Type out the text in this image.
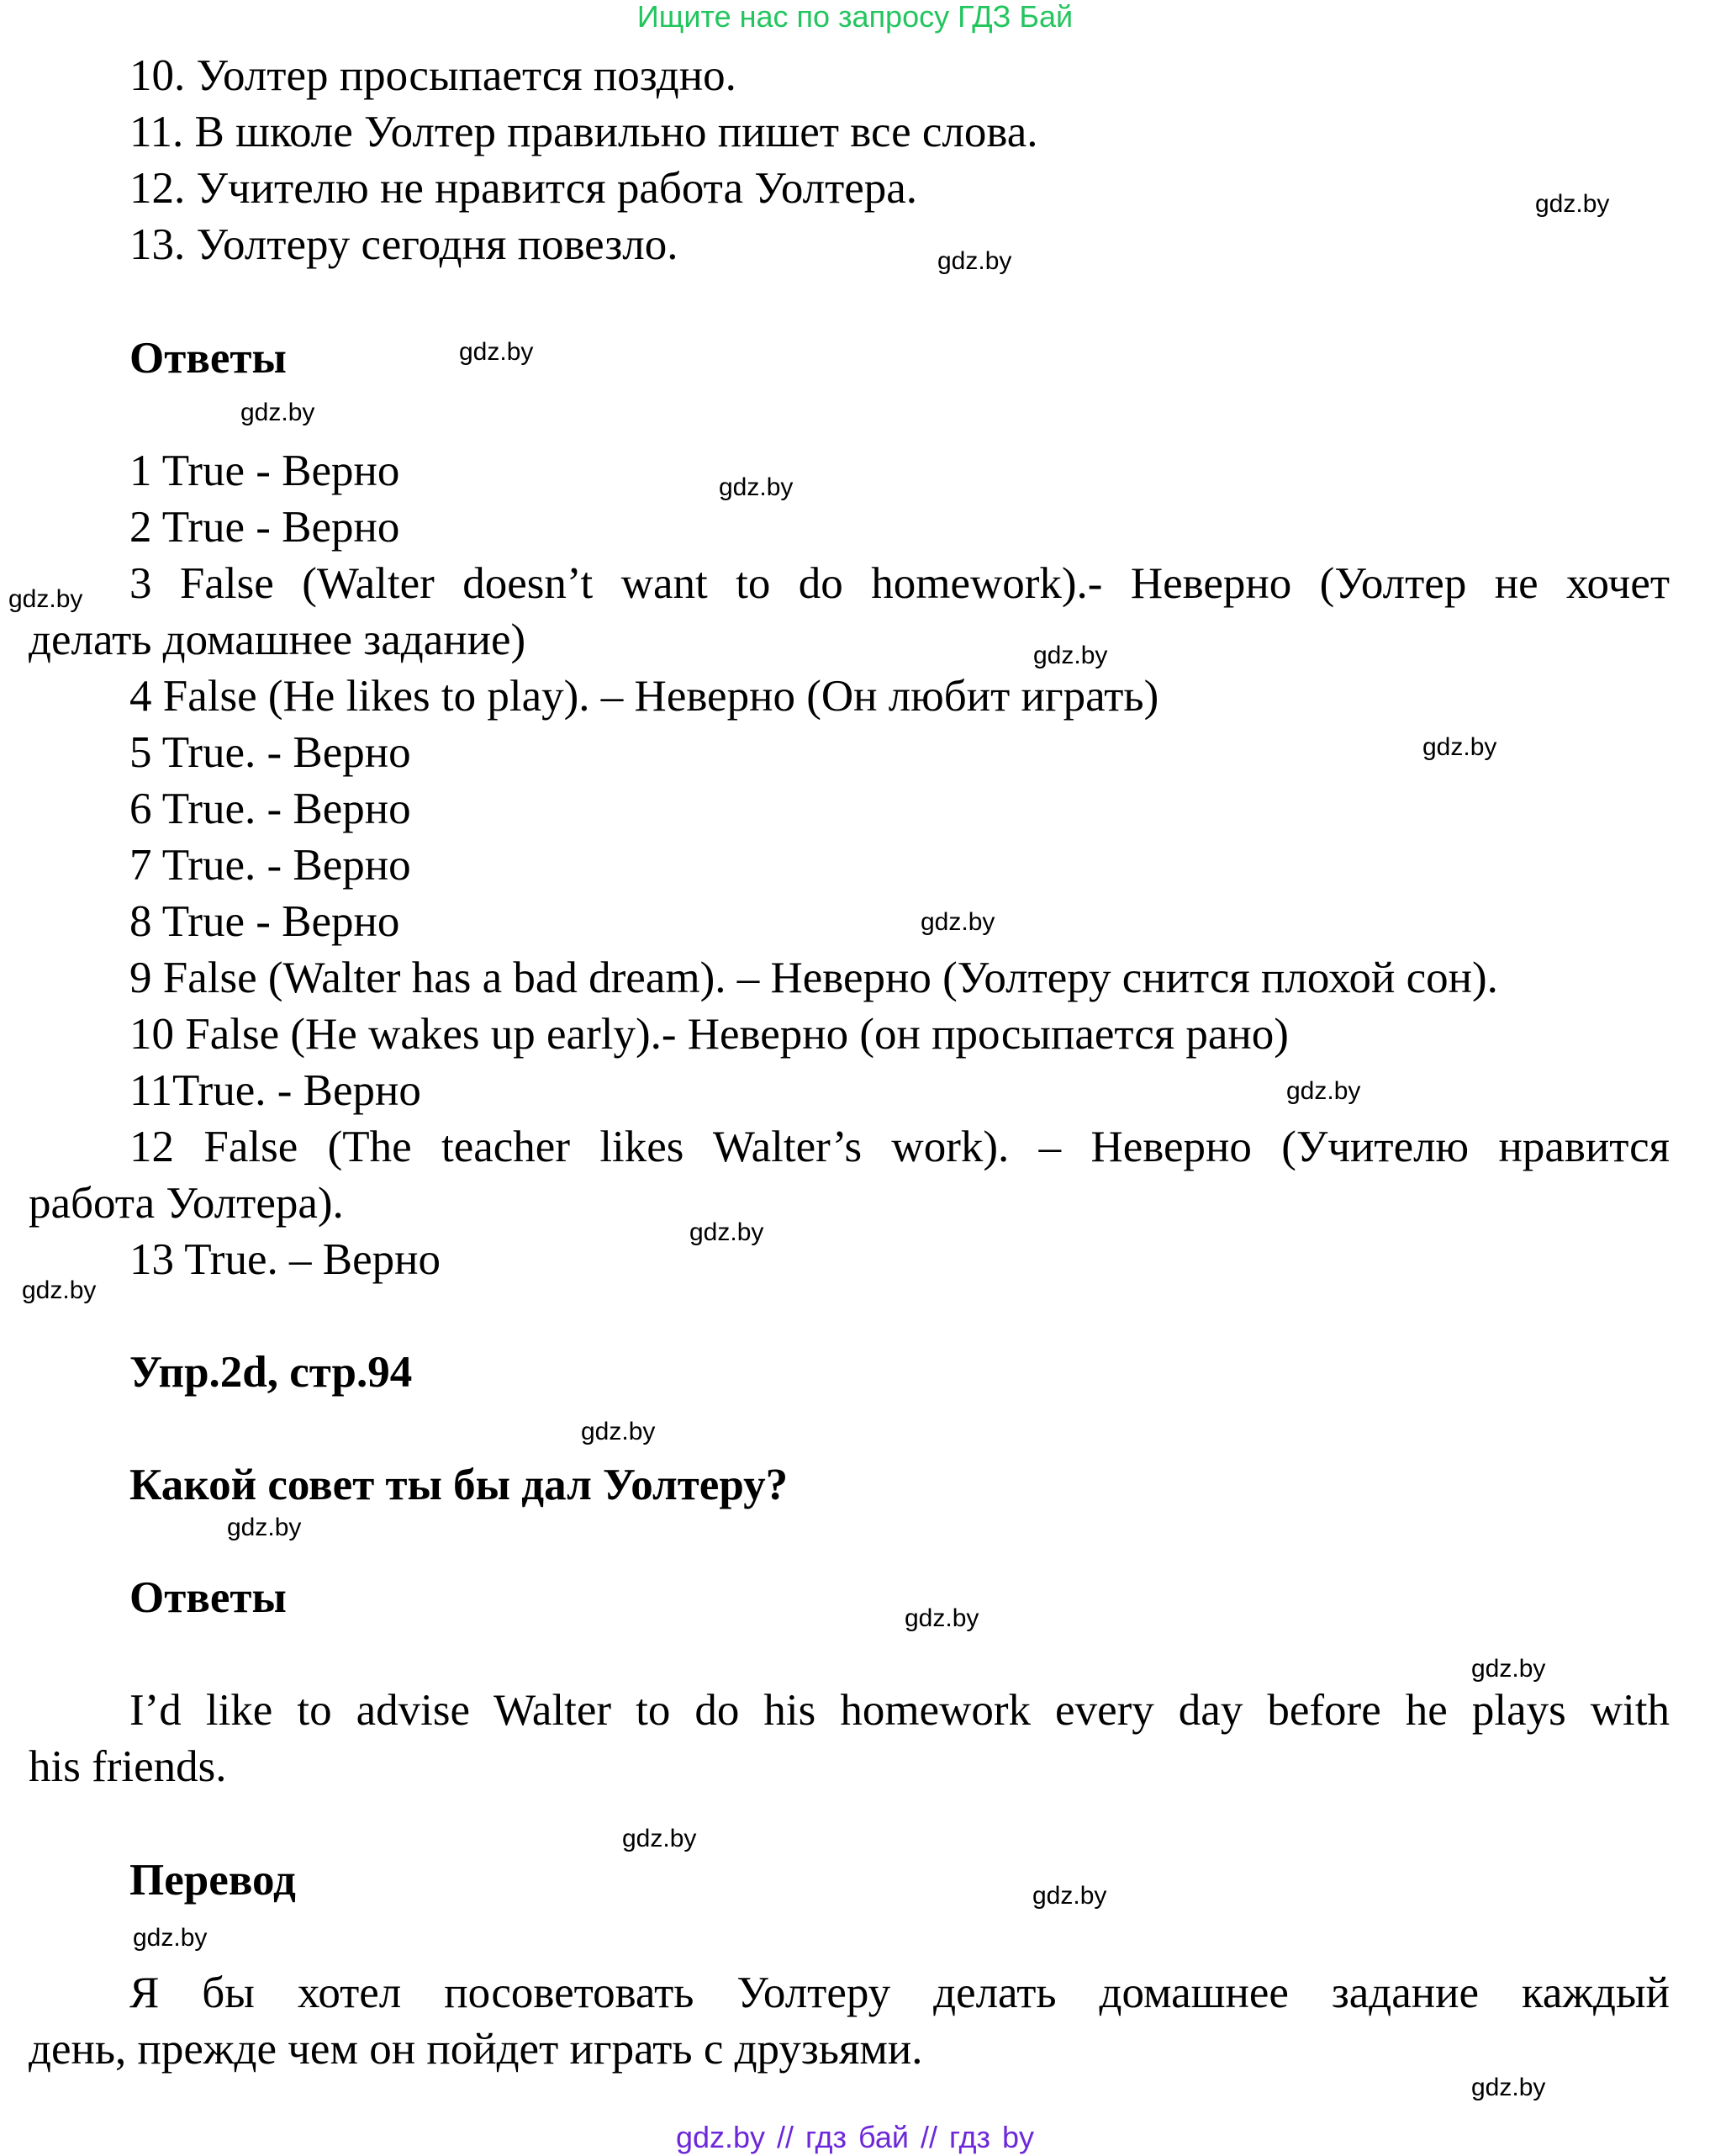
Ищите нас по запросу ГДЗ Бай
10. Уолтер просыпается поздно.
11. В школе Уолтер правильно пишет все слова.
12. Учителю не нравится работа Уолтера.
13. Уолтеру сегодня повезло.
Ответы
1 True - Верно
2 True - Верно
3 False (Walter doesn’t want to do homework).- Неверно (Уолтер не хочет
делать домашнее задание)
4 False (He likes to play). – Неверно (Он любит играть)
5 True. - Верно
6 True. - Верно
7 True. - Верно
8 True - Верно
9 False (Walter has a bad dream). – Неверно (Уолтеру снится плохой сон).
10 False (He wakes up early).- Неверно (он просыпается рано)
11True. - Верно
12 False (The teacher likes Walter’s work). – Неверно (Учителю нравится
работа Уолтера).
13 True. – Верно
Упр.2d, стр.94
Какой совет ты бы дал Уолтеру?
Ответы
I’d like to advise Walter to do his homework every day before he plays with
his friends.
Перевод
Я бы хотел посоветовать Уолтеру делать домашнее задание каждый
день, прежде чем он пойдет играть с друзьями.
gdz.by
gdz.by
gdz.by
gdz.by
gdz.by
gdz.by
gdz.by
gdz.by
gdz.by
gdz.by
gdz.by
gdz.by
gdz.by
gdz.by
gdz.by
gdz.by
gdz.by
gdz.by
gdz.by
gdz.by
gdz.by // гдз бай // гдз by
